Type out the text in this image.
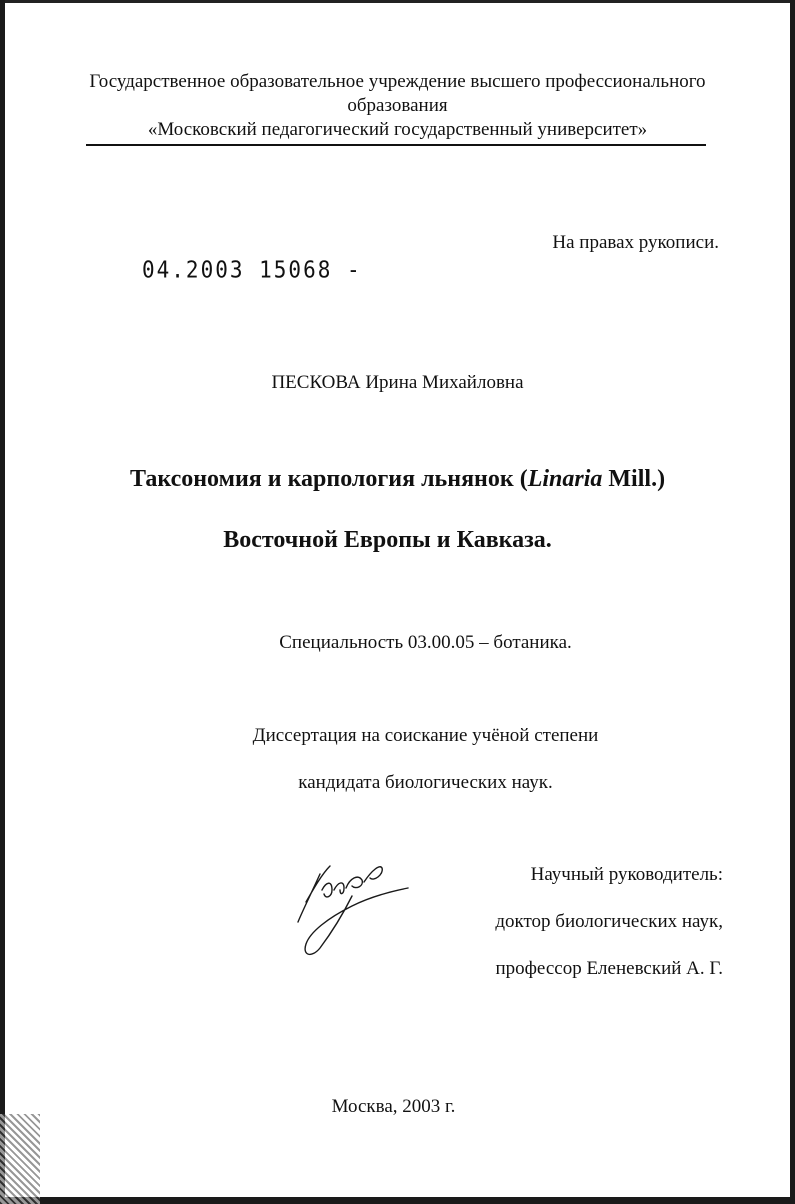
Государственное образовательное учреждение высшего профессионального
образования
«Московский педагогический государственный университет»
На правах рукописи.
04.2003 15068 -
ПЕСКОВА Ирина Михайловна
Таксономия и карпология льнянок (Linaria Mill.)
Восточной Европы и Кавказа.
Специальность 03.00.05 – ботаника.
Диссертация на соискание учёной степени
кандидата биологических наук.
Научный руководитель:
доктор биологических наук,
профессор Еленевский А. Г.
Москва, 2003 г.
